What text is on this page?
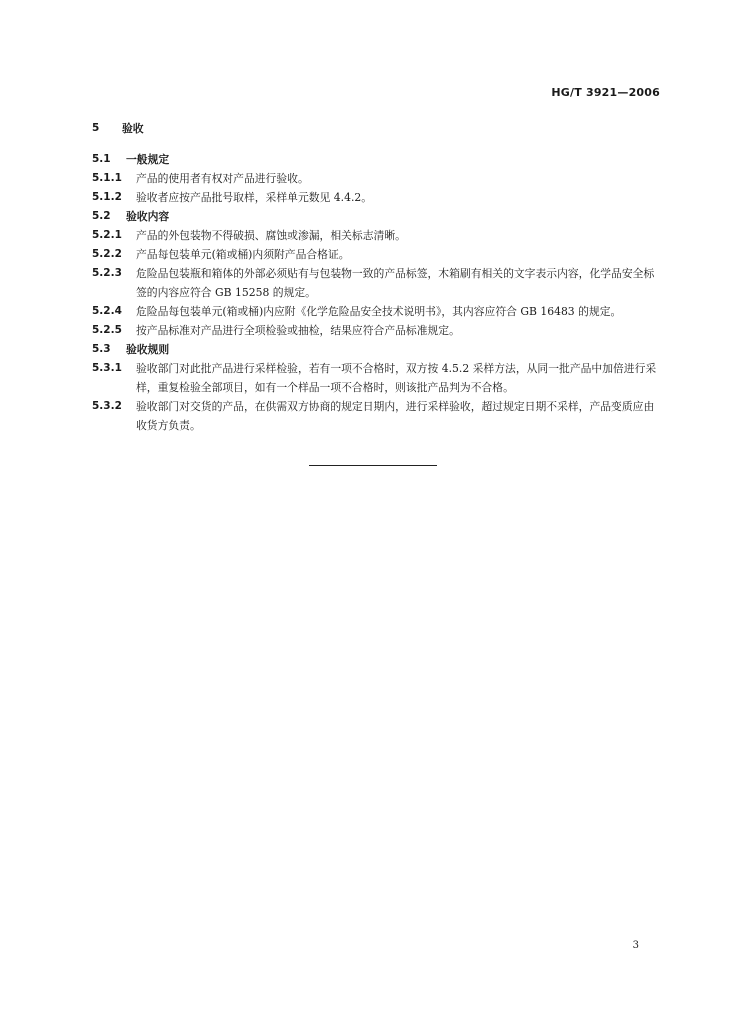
HG/T 3921—2006
5	验收
5.1	一般规定
5.1.1	产品的使用者有权对产品进行验收。
5.1.2	验收者应按产品批号取样，采样单元数见 4.4.2。
5.2	验收内容
5.2.1	产品的外包装物不得破损、腐蚀或渗漏，相关标志清晰。
5.2.2	产品每包装单元(箱或桶)内须附产品合格证。
5.2.3	危险品包装瓶和箱体的外部必须贴有与包装物一致的产品标签，木箱刷有相关的文字表示内容，化学品安全标签的内容应符合 GB 15258 的规定。
5.2.4	危险品每包装单元(箱或桶)内应附《化学危险品安全技术说明书》，其内容应符合 GB 16483 的规定。
5.2.5	按产品标准对产品进行全项检验或抽检，结果应符合产品标准规定。
5.3	验收规则
5.3.1	验收部门对此批产品进行采样检验，若有一项不合格时，双方按 4.5.2 采样方法，从同一批产品中加倍进行采样，重复检验全部项目，如有一个样品一项不合格时，则该批产品判为不合格。
5.3.2	验收部门对交货的产品，在供需双方协商的规定日期内，进行采样验收，超过规定日期不采样，产品变质应由收货方负责。
3
